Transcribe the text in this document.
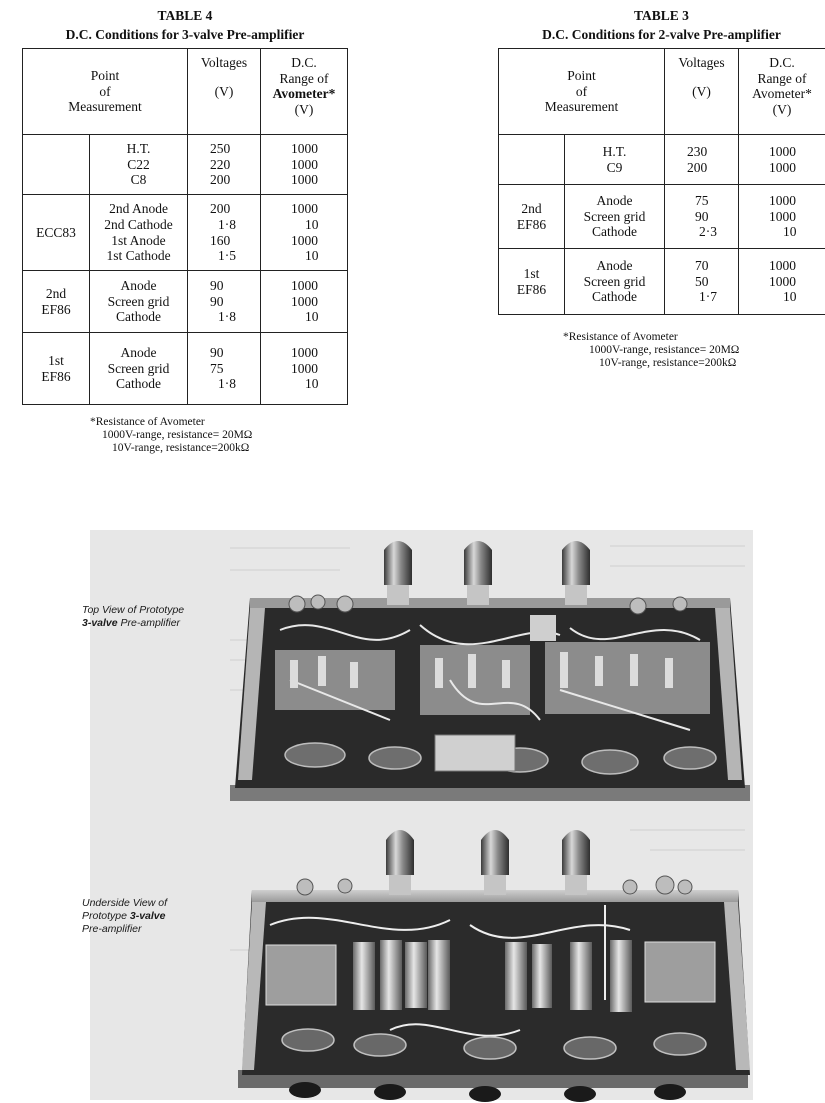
TABLE 4
D.C. Conditions for 3-valve Pre-amplifier
Point
of
Measurement		Voltages
(V)	D.C.
Range of
Avometer*
(V)

	H.T.
C22
C8	250
220
200	1000
1000
1000

ECC83	2nd Anode
2nd Cathode
1st Anode
1st Cathode	200
1·8
160
1·5	1000
10
1000
10

2nd
EF86	Anode
Screen grid
Cathode	90
90
1·8	1000
1000
10

1st
EF86	Anode
Screen grid
Cathode	90
75
1·8	1000
1000
10
*Resistance of Avometer
1000V-range, resistance= 20MΩ
10V-range, resistance=200kΩ
TABLE 3
D.C. Conditions for 2-valve Pre-amplifier
Point
of
Measurement		Voltages
(V)	D.C.
Range of
Avometer*
(V)

	H.T.
C9	230
200	1000
1000

2nd
EF86	Anode
Screen grid
Cathode	75
90
2·3	1000
1000
10

1st
EF86	Anode
Screen grid
Cathode	70
50
1·7	1000
1000
10
*Resistance of Avometer
1000V-range, resistance= 20MΩ
10V-range, resistance=200kΩ
Top View of Prototype 3-valve Pre-amplifier
Underside View of Prototype 3-valve Pre-amplifier
